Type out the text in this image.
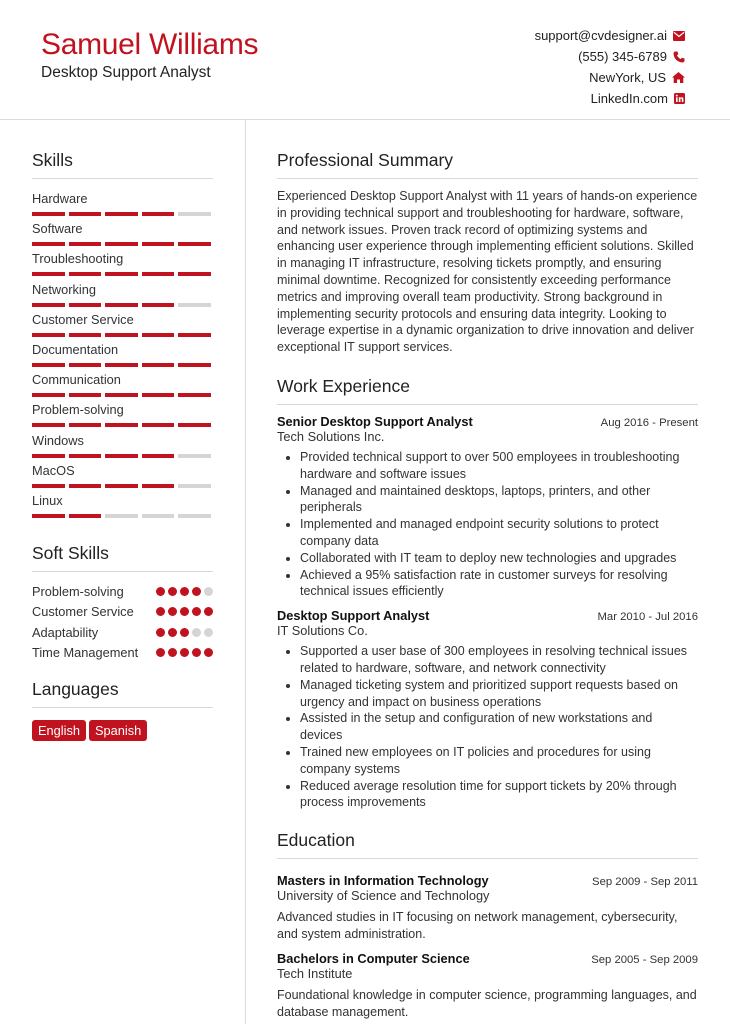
Samuel Williams
Desktop Support Analyst
support@cvdesigner.ai
(555) 345-6789
NewYork, US
LinkedIn.com
Skills
Hardware
Software
Troubleshooting
Networking
Customer Service
Documentation
Communication
Problem-solving
Windows
MacOS
Linux
Soft Skills
Problem-solving
Customer Service
Adaptability
Time Management
Languages
English Spanish
Professional Summary
Experienced Desktop Support Analyst with 11 years of hands-on experience in providing technical support and troubleshooting for hardware, software, and network issues. Proven track record of optimizing systems and enhancing user experience through implementing efficient solutions. Skilled in managing IT infrastructure, resolving tickets promptly, and ensuring minimal downtime. Recognized for consistently exceeding performance metrics and improving overall team productivity. Strong background in implementing security protocols and ensuring data integrity. Looking to leverage expertise in a dynamic organization to drive innovation and deliver exceptional IT support services.
Work Experience
Senior Desktop Support Analyst	Aug 2016 - Present
Tech Solutions Inc.
• Provided technical support to over 500 employees in troubleshooting hardware and software issues
• Managed and maintained desktops, laptops, printers, and other peripherals
• Implemented and managed endpoint security solutions to protect company data
• Collaborated with IT team to deploy new technologies and upgrades
• Achieved a 95% satisfaction rate in customer surveys for resolving technical issues efficiently
Desktop Support Analyst	Mar 2010 - Jul 2016
IT Solutions Co.
• Supported a user base of 300 employees in resolving technical issues related to hardware, software, and network connectivity
• Managed ticketing system and prioritized support requests based on urgency and impact on business operations
• Assisted in the setup and configuration of new workstations and devices
• Trained new employees on IT policies and procedures for using company systems
• Reduced average resolution time for support tickets by 20% through process improvements
Education
Masters in Information Technology	Sep 2009 - Sep 2011
University of Science and Technology
Advanced studies in IT focusing on network management, cybersecurity, and system administration.
Bachelors in Computer Science	Sep 2005 - Sep 2009
Tech Institute
Foundational knowledge in computer science, programming languages, and database management.
